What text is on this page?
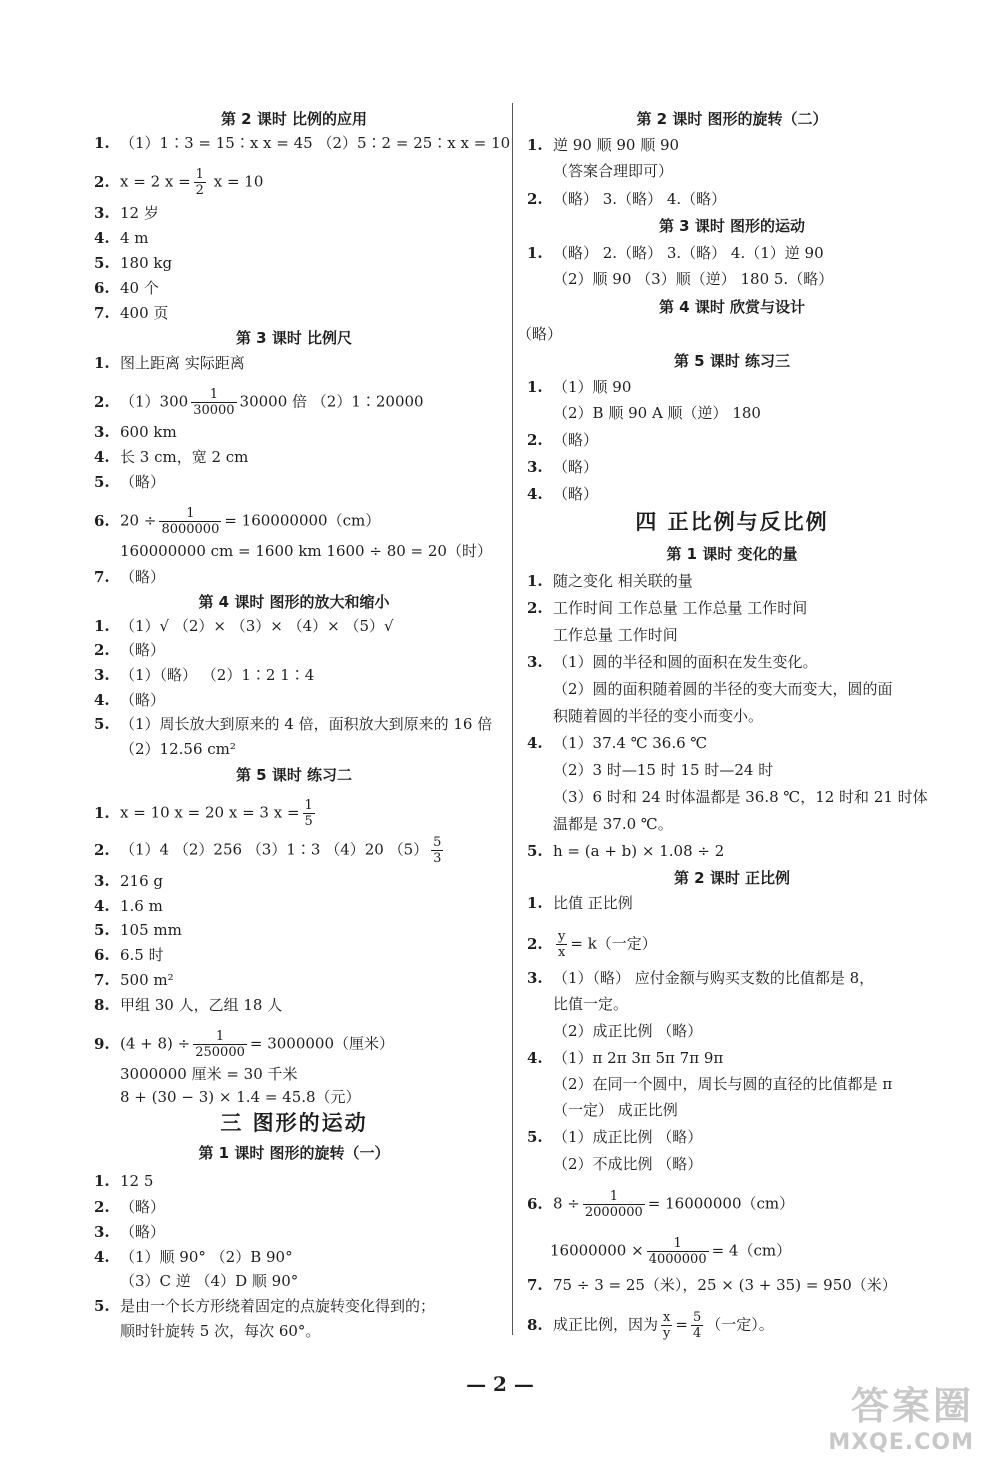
第 2 课时 比例的应用
1. （1）1∶3 = 15∶x x = 45 （2）5∶2 = 25∶x x = 10
2. x = 2 $x = \frac{1}{2}$ x = 10
3. 12 岁
4. 4 m
5. 180 kg
6. 40 个
7. 400 页
第 3 课时 比例尺
1. 图上距离 实际距离
2. $(1)300 \frac{1}{30000} 30000$ 倍 （2）1∶20000
3. 600 km
4. 长 3 cm，宽 2 cm
5. （略）
6. $20 \div \frac{1}{8000000} = 160000000(cm)$
160000000 cm = 1600 km 1600 ÷ 80 = 20（时）
7. （略）
第 4 课时 图形的放大和缩小
1. （1）√ （2）× （3）× （4）× （5）√
2. （略）
3. （1）（略） （2）1∶2 1∶4
4. （略）
5. （1）周长放大到原来的 4 倍，面积放大到原来的 16 倍
（2）12.56 cm²
第 5 课时 练习二
1. x = 10 x = 20 x = 3 $x = \frac{1}{5}$
2. （1）4 （2）256 （3）1∶3 （4）20 $(5) \frac{5}{3}$
3. 216 g
4. 1.6 m
5. 105 mm
6. 6.5 时
7. 500 m²
8. 甲组 30 人，乙组 18 人
9. $(4 + 8) \div \frac{1}{250000} = 3000000$（厘米）
3000000 厘米 = 30 千米
8 + (30 − 3) × 1.4 = 45.8（元）
三 图形的运动
第 1 课时 图形的旋转（一）
1. 12 5
2. （略）
3. （略）
4. （1）顺 90° （2）B 90°
（3）C 逆 （4）D 顺 90°
5. 是由一个长方形绕着固定的点旋转变化得到的；
顺时针旋转 5 次，每次 60°。
第 2 课时 图形的旋转（二）
1. 逆 90 顺 90 顺 90
（答案合理即可）
2. （略） 3.（略） 4.（略）
第 3 课时 图形的运动
1. （略） 2.（略） 3.（略） 4.（1）逆 90
（2）顺 90 （3）顺（逆） 180 5.（略）
第 4 课时 欣赏与设计
（略）
第 5 课时 练习三
1. （1）顺 90
（2）B 顺 90 A 顺（逆） 180
2. （略）
3. （略）
4. （略）
四 正比例与反比例
第 1 课时 变化的量
1. 随之变化 相关联的量
2. 工作时间 工作总量 工作总量 工作时间
工作总量 工作时间
3. （1）圆的半径和圆的面积在发生变化。
（2）圆的面积随着圆的半径的变大而变大，圆的面
积随着圆的半径的变小而变小。
4. （1）37.4 ℃ 36.6 ℃
（2）3 时—15 时 15 时—24 时
（3）6 时和 24 时体温都是 36.8 ℃，12 时和 21 时体
温都是 37.0 ℃。
5. h = (a + b) × 1.08 ÷ 2
第 2 课时 正比例
1. 比值 正比例
2. $\frac{y}{x} = k$（一定）
3. （1）（略） 应付金额与购买支数的比值都是 8，
比值一定。
（2）成正比例 （略）
4. （1）π 2π 3π 5π 7π 9π
（2）在同一个圆中，周长与圆的直径的比值都是 π
（一定） 成正比例
5. （1）成正比例 （略）
（2）不成比例 （略）
6. $8 \div \frac{1}{2000000} = 16000000(cm)$
$16000000 \times \frac{1}{4000000} = 4(cm)$
7. 75 ÷ 3 = 25（米），25 × (3 + 35) = 950（米）
8. 成正比例，因为 $\frac{x}{y} = \frac{5}{4}$ （一定）。
— 2 —	答案圈
MXQE.COM
